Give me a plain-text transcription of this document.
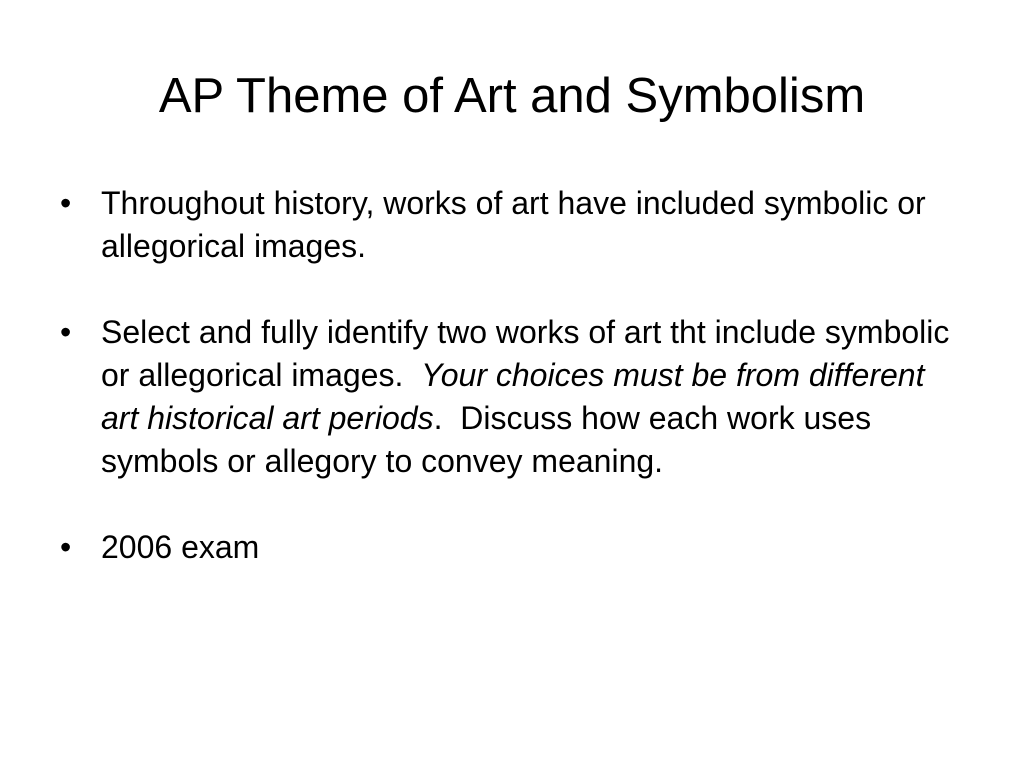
AP Theme of Art and Symbolism
• Throughout history, works of art have included symbolic or allegorical images.
• Select and fully identify two works of art tht include symbolic or allegorical images. Your choices must be from different art historical art periods.  Discuss how each work uses symbols or allegory to convey meaning.
• 2006 exam
